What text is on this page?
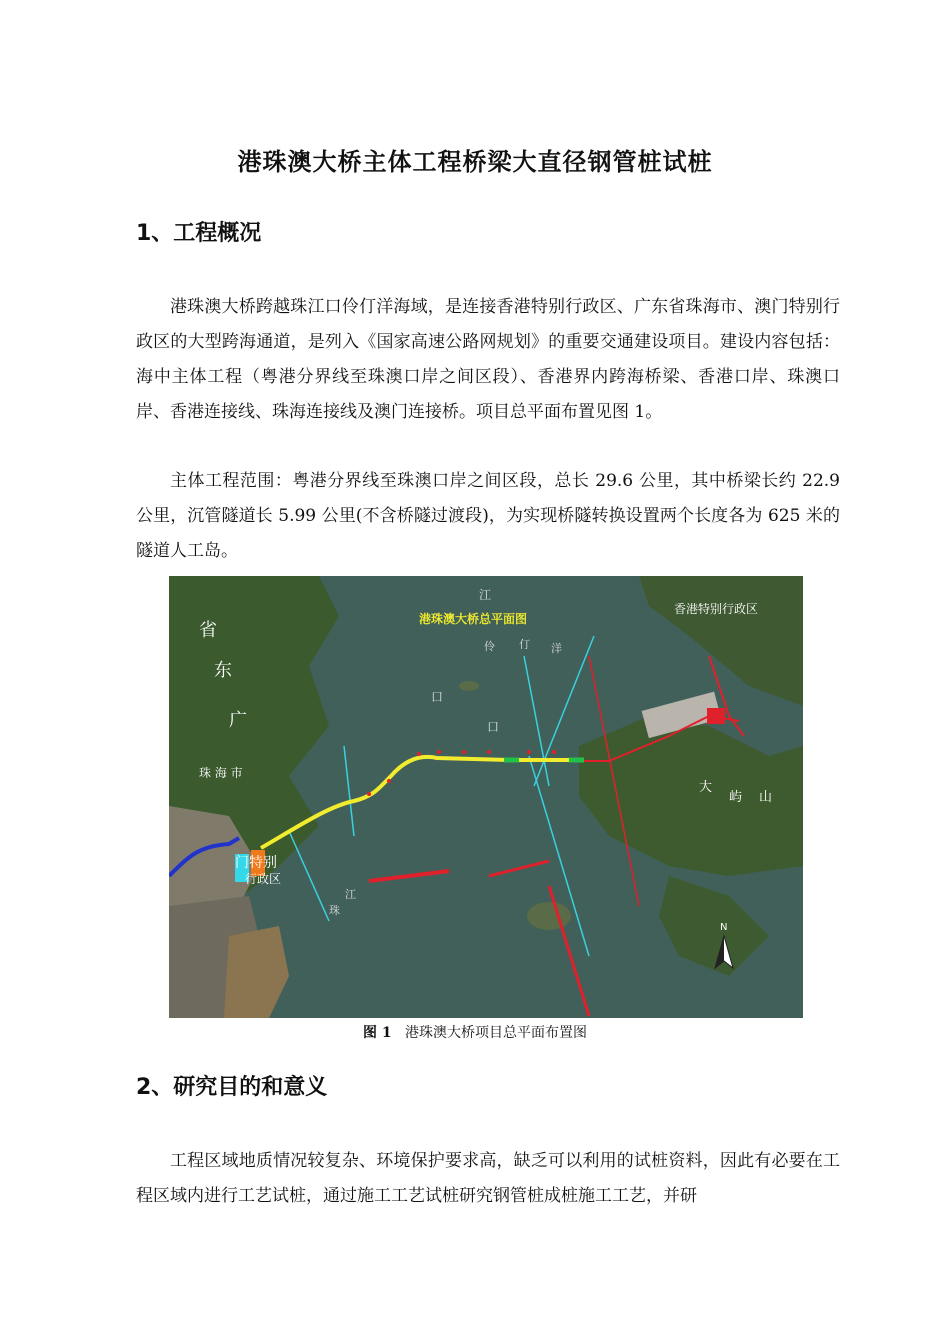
港珠澳大桥主体工程桥梁大直径钢管桩试桩
1、工程概况

港珠澳大桥跨越珠江口伶仃洋海域，是连接香港特别行政区、广东省珠海市、澳门特别行政区的大型跨海通道，是列入《国家高速公路网规划》的重要交通建设项目。建设内容包括：海中主体工程（粤港分界线至珠澳口岸之间区段）、香港界内跨海桥梁、香港口岸、珠澳口岸、香港连接线、珠海连接线及澳门连接桥。项目总平面布置见图 1。

主体工程范围：粤港分界线至珠澳口岸之间区段，总长 29.6 公里，其中桥梁长约 22.9 公里，沉管隧道长 5.99 公里(不含桥隧过渡段)，为实现桥隧转换设置两个长度各为 625 米的隧道人工岛。

港珠澳大桥总平面图
香港特别行政区
省
东
广
珠 海 市
江
伶 仃 洋
口
口
珠
江
大
屿 山
门特别
行政区
N

图 1 港珠澳大桥项目总平面布置图

2、研究目的和意义

工程区域地质情况较复杂、环境保护要求高，缺乏可以利用的试桩资料，因此有必要在工程区域内进行工艺试桩，通过施工工艺试桩研究钢管桩成桩施工工艺，并研
